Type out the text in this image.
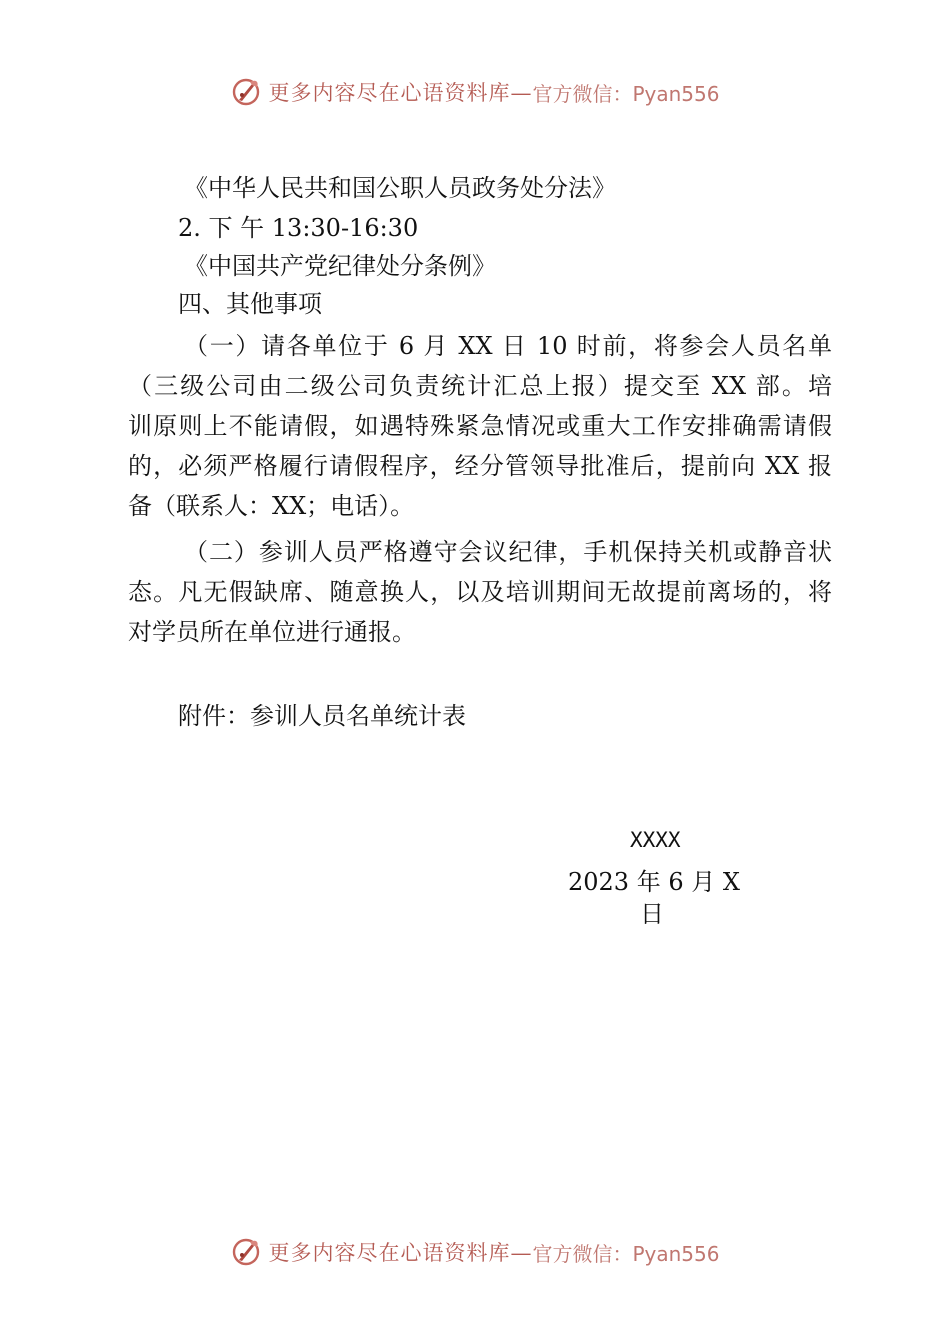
更多内容尽在心语资料库— 官方微信：Pyan556
《中华人民共和国公职人员政务处分法》
2. 下 午 13:30-16:30
《中国共产党纪律处分条例》
四、其他事项
（一）请各单位于 6 月 XX 日 10 时前，将参会人员名单
（三级公司由二级公司负责统计汇总上报）提交至 XX 部。培
训原则上不能请假，如遇特殊紧急情况或重大工作安排确需请假
的，必须严格履行请假程序，经分管领导批准后，提前向 XX 报
备（联系人：XX；电话）。
（二）参训人员严格遵守会议纪律，手机保持关机或静音状
态。凡无假缺席、随意换人，以及培训期间无故提前离场的，将
对学员所在单位进行通报。
附件：参训人员名单统计表
XXXX
2023 年 6 月 X
日
更多内容尽在心语资料库— 官方微信：Pyan556
